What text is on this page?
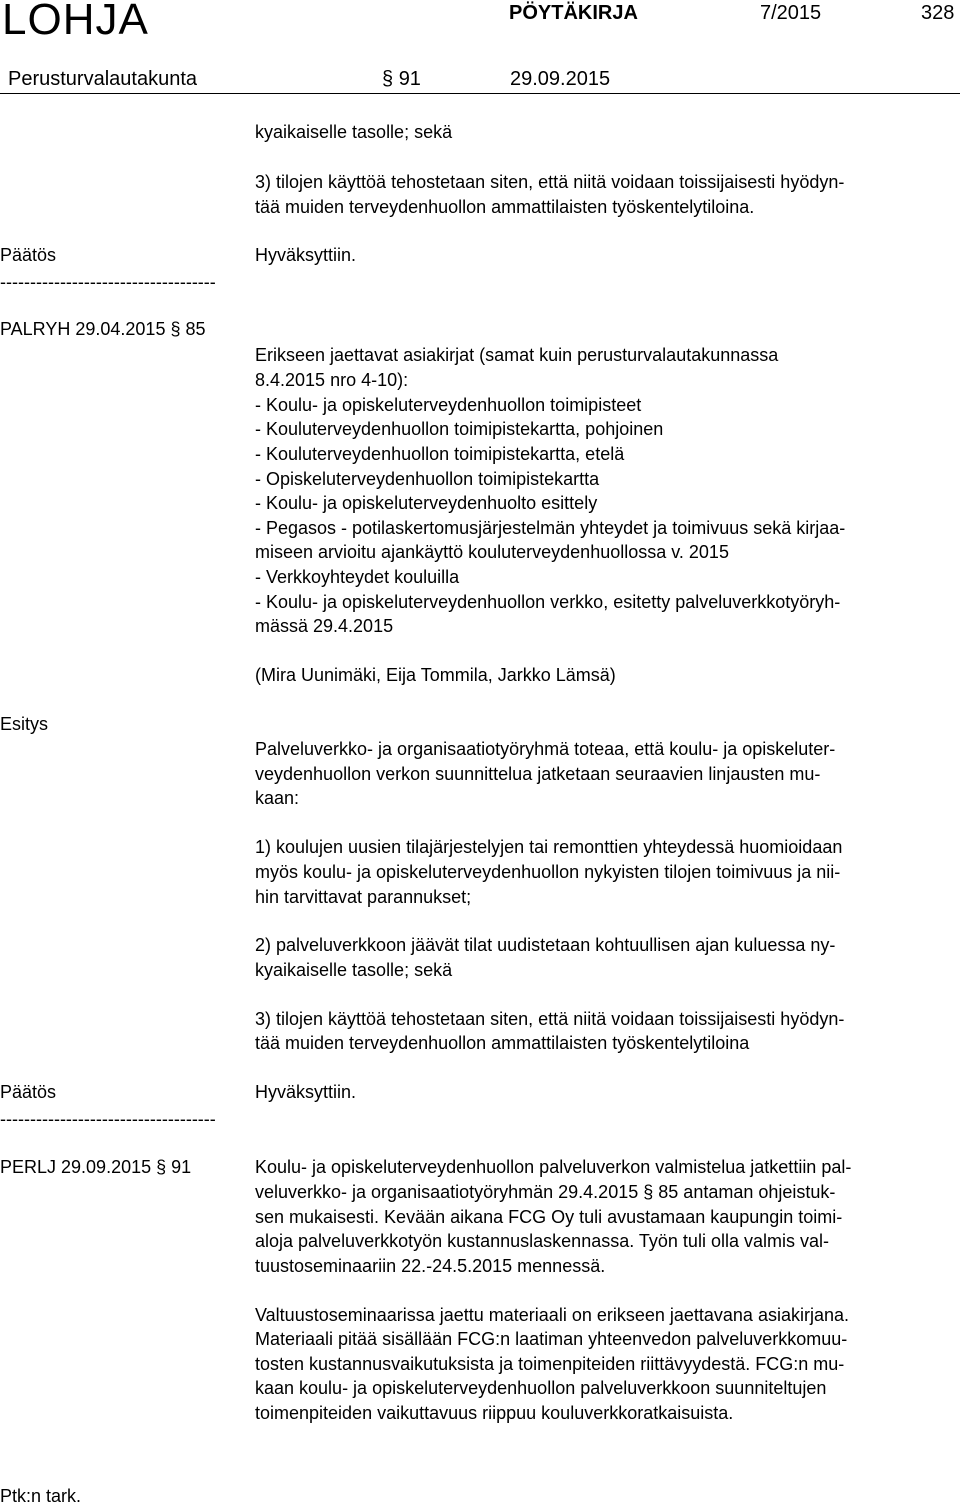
LOHJA	PÖYTÄKIRJA	7/2015	328
Perusturvalautakunta	§ 91	29.09.2015
kyaikaiselle tasolle; sekä
3) tilojen käyttöä tehostetaan siten, että niitä voidaan toissijaisesti hyödyn-
tää muiden terveydenhuollon ammattilaisten työskentelytiloina.
Päätös	Hyväksyttiin.
------------------------------------
PALRYH 29.04.2015 § 85
Erikseen jaettavat asiakirjat (samat kuin perusturvalautakunnassa
8.4.2015 nro 4-10):
- Koulu- ja opiskeluterveydenhuollon toimipisteet
- Kouluterveydenhuollon toimipistekartta, pohjoinen
- Kouluterveydenhuollon toimipistekartta, etelä
- Opiskeluterveydenhuollon toimipistekartta
- Koulu- ja opiskeluterveydenhuolto esittely
- Pegasos - potilaskertomusjärjestelmän yhteydet ja toimivuus sekä kirjaa-
miseen arvioitu ajankäyttö kouluterveydenhuollossa v. 2015
- Verkkoyhteydet kouluilla
- Koulu- ja opiskeluterveydenhuollon verkko, esitetty palveluverkkotyöryh-
mässä 29.4.2015
(Mira Uunimäki, Eija Tommila, Jarkko Lämsä)
Esitys
Palveluverkko- ja organisaatiotyöryhmä toteaa, että koulu- ja opiskeluter-
veydenhuollon verkon suunnittelua jatketaan seuraavien linjausten mu-
kaan:
1) koulujen uusien tilajärjestelyjen tai remonttien yhteydessä huomioidaan
myös koulu- ja opiskeluterveydenhuollon nykyisten tilojen toimivuus ja nii-
hin tarvittavat parannukset;
2) palveluverkkoon jäävät tilat uudistetaan kohtuullisen ajan kuluessa ny-
kyaikaiselle tasolle; sekä
3) tilojen käyttöä tehostetaan siten, että niitä voidaan toissijaisesti hyödyn-
tää muiden terveydenhuollon ammattilaisten työskentelytiloina
Päätös	Hyväksyttiin.
------------------------------------
PERLJ 29.09.2015 § 91	Koulu- ja opiskeluterveydenhuollon palveluverkon valmistelua jatkettiin pal-
veluverkko- ja organisaatiotyöryhmän 29.4.2015 § 85 antaman ohjeistuk-
sen mukaisesti. Kevään aikana FCG Oy tuli avustamaan kaupungin toimi-
aloja palveluverkkotyön kustannuslaskennassa. Työn tuli olla valmis val-
tuustoseminaariin 22.-24.5.2015 mennessä.
Valtuustoseminaarissa jaettu materiaali on erikseen jaettavana asiakirjana.
Materiaali pitää sisällään FCG:n laatiman yhteenvedon palveluverkkomuu-
tosten kustannusvaikutuksista ja toimenpiteiden riittävyydestä. FCG:n mu-
kaan koulu- ja opiskeluterveydenhuollon palveluverkkoon suunniteltujen
toimenpiteiden vaikuttavuus riippuu kouluverkkoratkaisuista.
Ptk:n tark.
